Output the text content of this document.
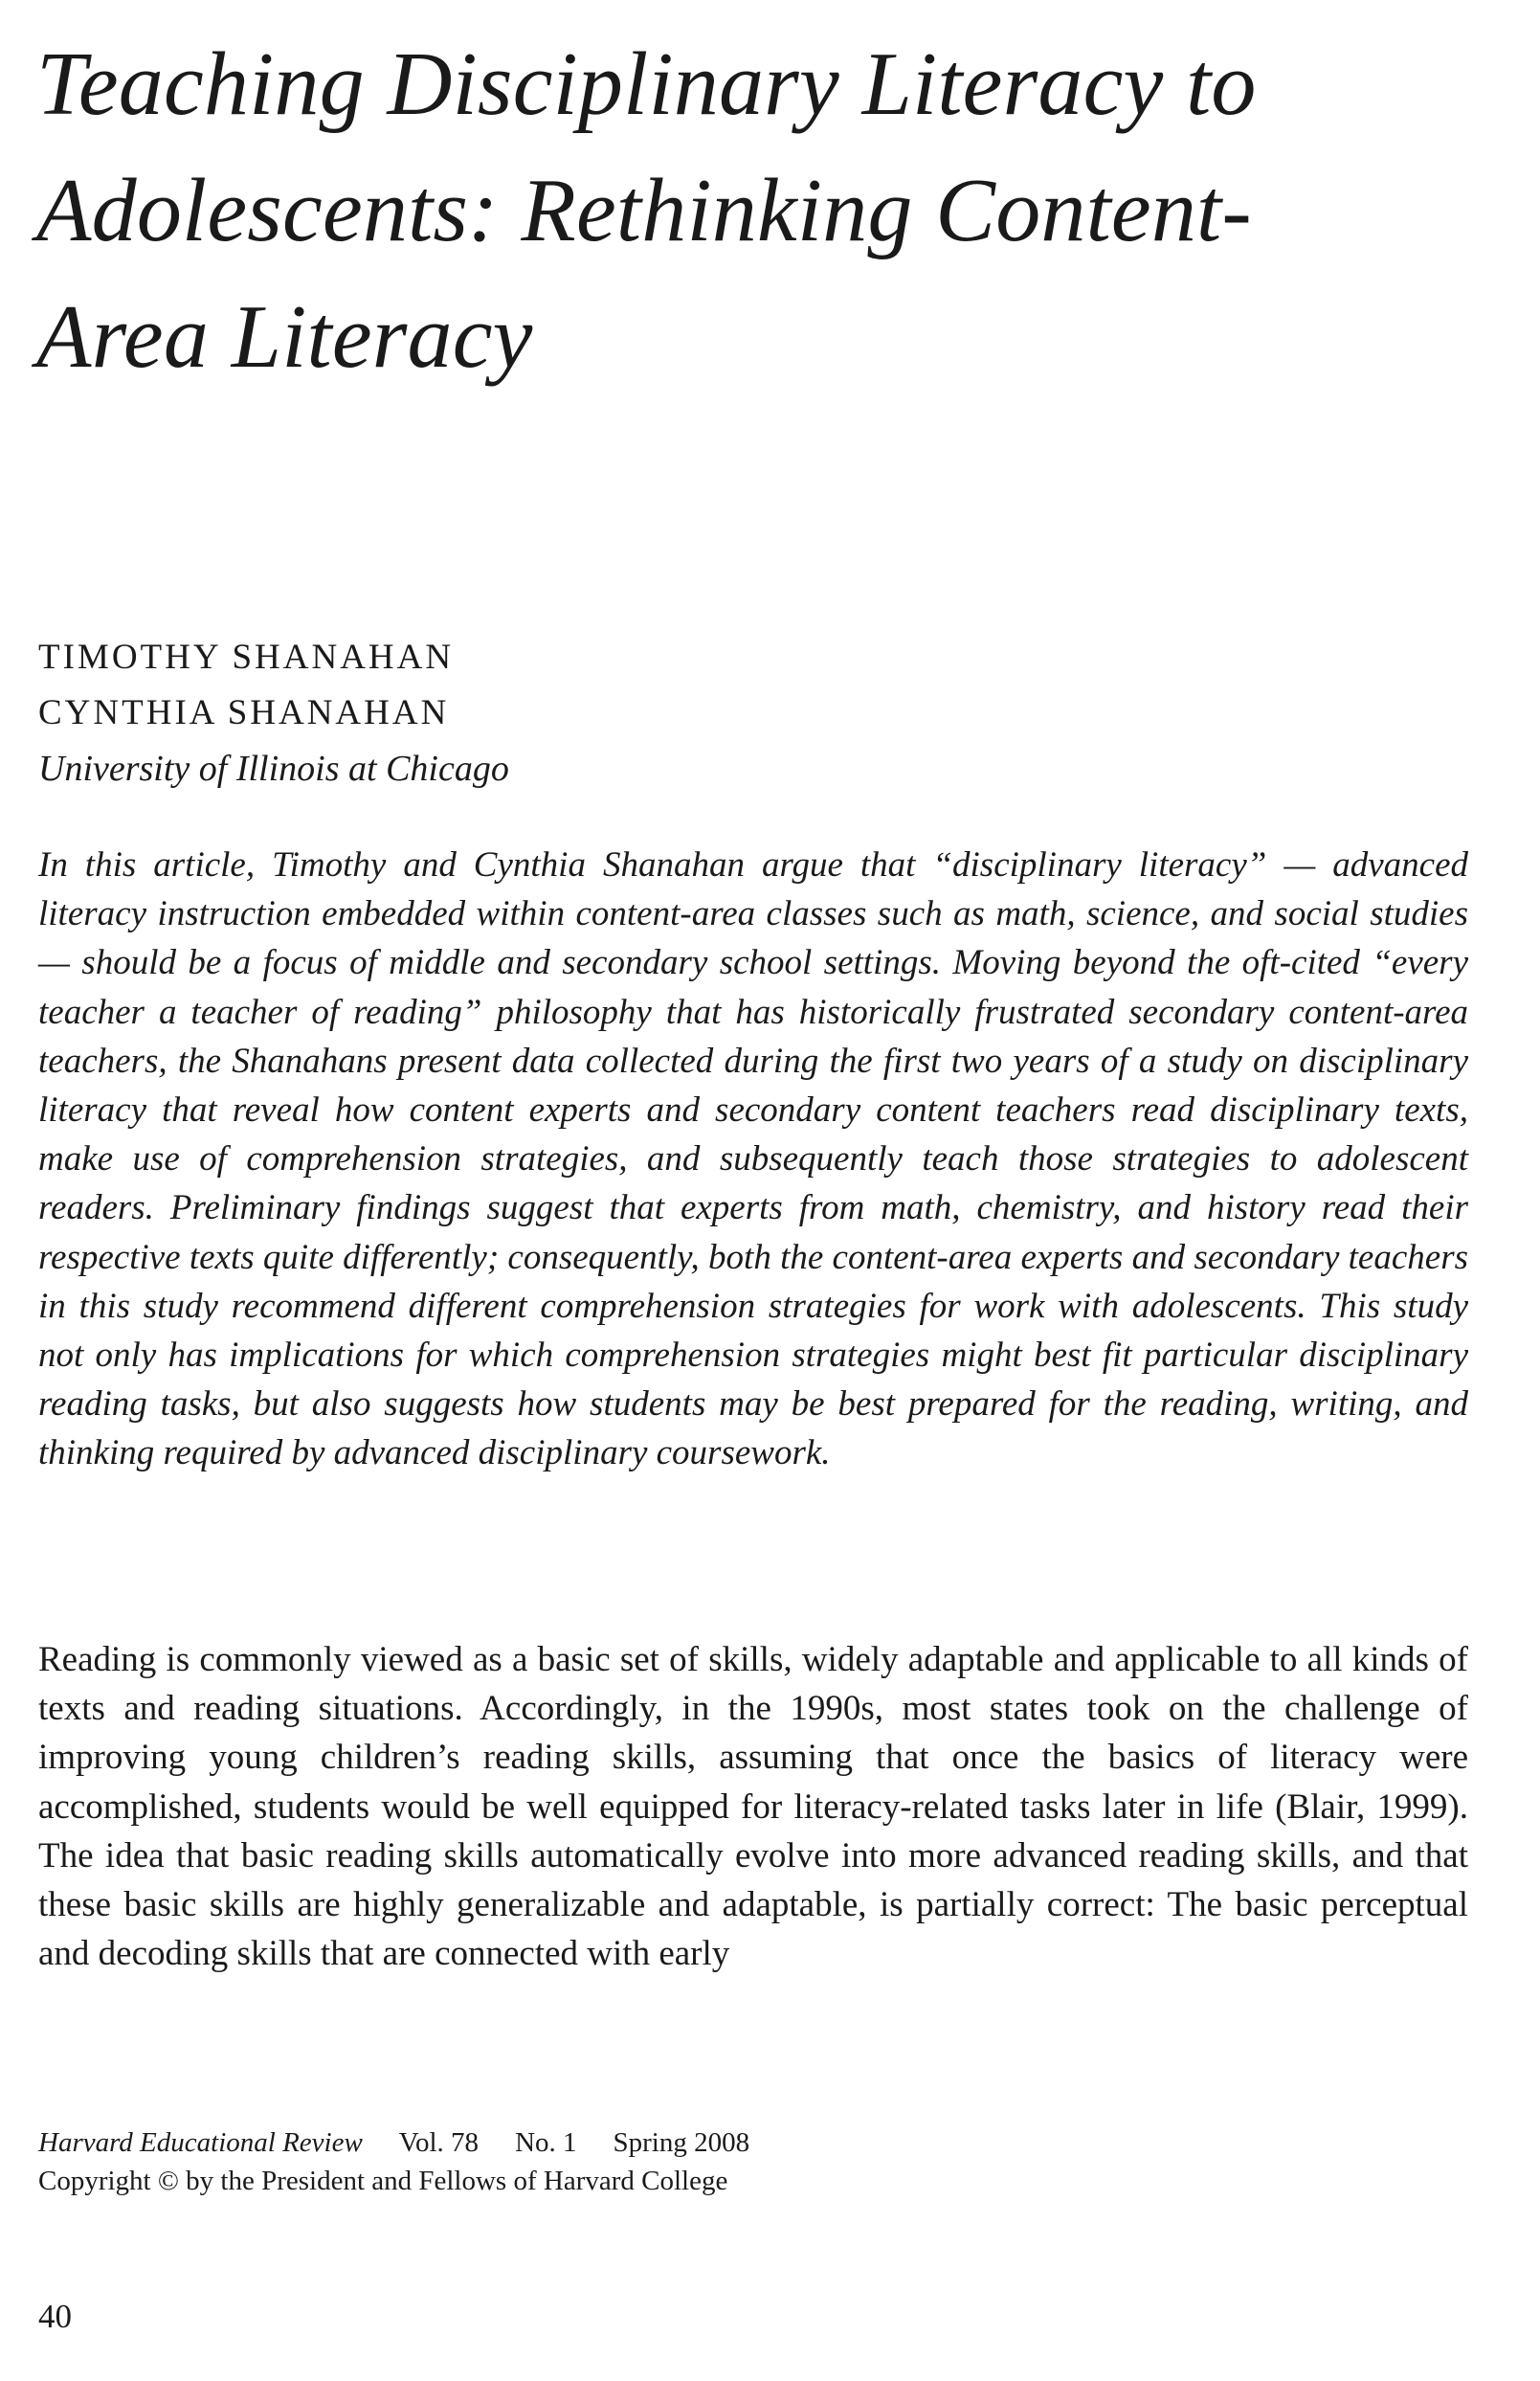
Teaching Disciplinary Literacy to
Adolescents: Rethinking Content-
Area Literacy
TIMOTHY SHANAHAN
CYNTHIA SHANAHAN
University of Illinois at Chicago

In this article, Timothy and Cynthia Shanahan argue that “disciplinary literacy” — advanced literacy instruction embedded within content-area classes such as math, science, and social studies — should be a focus of middle and secondary school settings. Moving beyond the oft-cited “every teacher a teacher of reading” philosophy that has historically frustrated secondary content-area teachers, the Shanahans present data collected during the first two years of a study on disciplinary literacy that reveal how content experts and secondary content teachers read disciplinary texts, make use of comprehension strategies, and subsequently teach those strategies to adolescent readers. Preliminary findings suggest that experts from math, chemistry, and history read their respective texts quite differently; consequently, both the content-area experts and secondary teachers in this study recommend different comprehension strategies for work with adolescents. This study not only has implications for which comprehension strategies might best fit particular disciplinary reading tasks, but also suggests how students may be best prepared for the reading, writing, and thinking required by advanced disciplinary coursework.

Reading is commonly viewed as a basic set of skills, widely adaptable and applicable to all kinds of texts and reading situations. Accordingly, in the 1990s, most states took on the challenge of improving young children’s reading skills, assuming that once the basics of literacy were accomplished, students would be well equipped for literacy-related tasks later in life (Blair, 1999). The idea that basic reading skills automatically evolve into more advanced reading skills, and that these basic skills are highly generalizable and adaptable, is partially correct: The basic perceptual and decoding skills that are connected with early

Harvard Educational Review Vol. 78 No. 1 Spring 2008
Copyright © by the President and Fellows of Harvard College
40
